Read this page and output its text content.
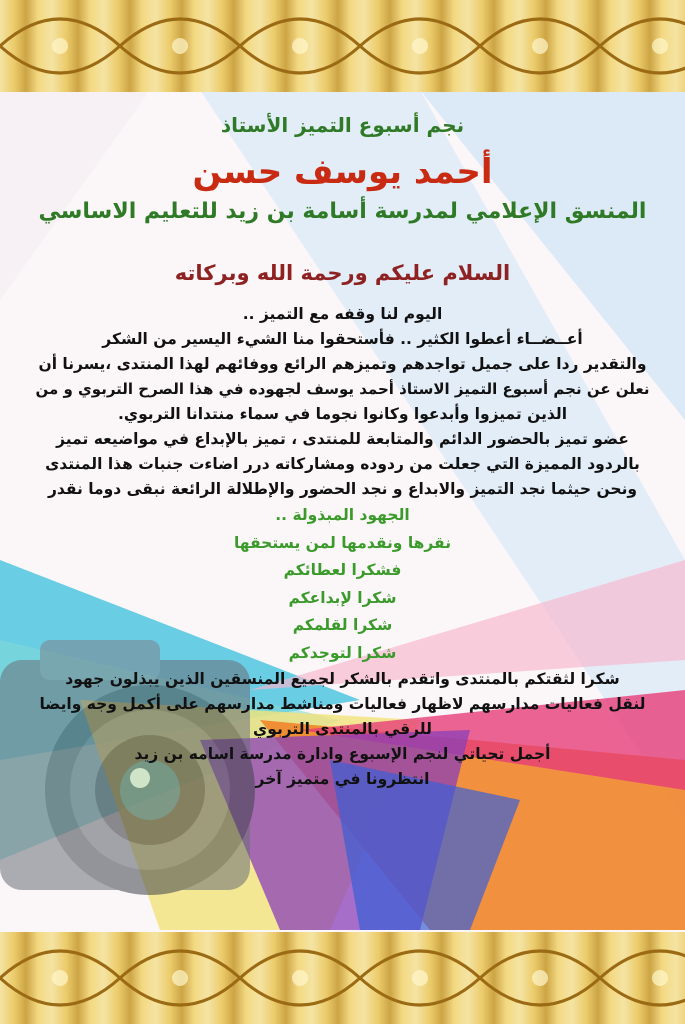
نجم أسبوع التميز الأستاذ

أحمد يوسف حسن

المنسق الإعلامي لمدرسة أسامة بن زيد للتعليم الاساسي

السلام عليكم ورحمة الله وبركاته

اليوم لنا وقفه مع التميز ..

أعــضــاء أعطوا الكثير .. فأستحقوا منا الشيء اليسير من الشكر

والتقدير ردا على جميل تواجدهم وتميزهم الرائع ووفائهم لهذا المنتدى ،يسرنا أن

نعلن عن نجم أسبوع التميز الاستاذ أحمد يوسف لجهوده في هذا الصرح التربوي و من

الذين تميزوا وأبدعوا وكانوا نجوما في سماء منتدانا التربوي.

عضو تميز بالحضور الدائم والمتابعة للمنتدى ، تميز بالإبداع في مواضيعه تميز

بالردود المميزة التي جعلت من ردوده ومشاركاته درر اضاءت جنبات هذا المنتدى

ونحن حيثما نجد التميز والابداع و نجد الحضور والإطلالة الرائعة نبقى دوما نقدر

الجهود المبذولة ..

نقرها ونقدمها لمن يستحقها

فشكرا لعطائكم

شكرا لإبداعكم

شكرا لقلمكم

شكرا لتوجدكم

شكرا لثقتكم بالمنتدى واتقدم بالشكر لجميع المنسقين الذين يبذلون جهود

لنقل فعاليات مدارسهم لاظهار فعاليات ومناشط مدارسهم على أكمل وجه وايضا

للرقي بالمنتدى التربوي

أجمل تحياتي لنجم الإسبوع وادارة مدرسة اسامه بن زيد

انتظرونا في متميز آخر
